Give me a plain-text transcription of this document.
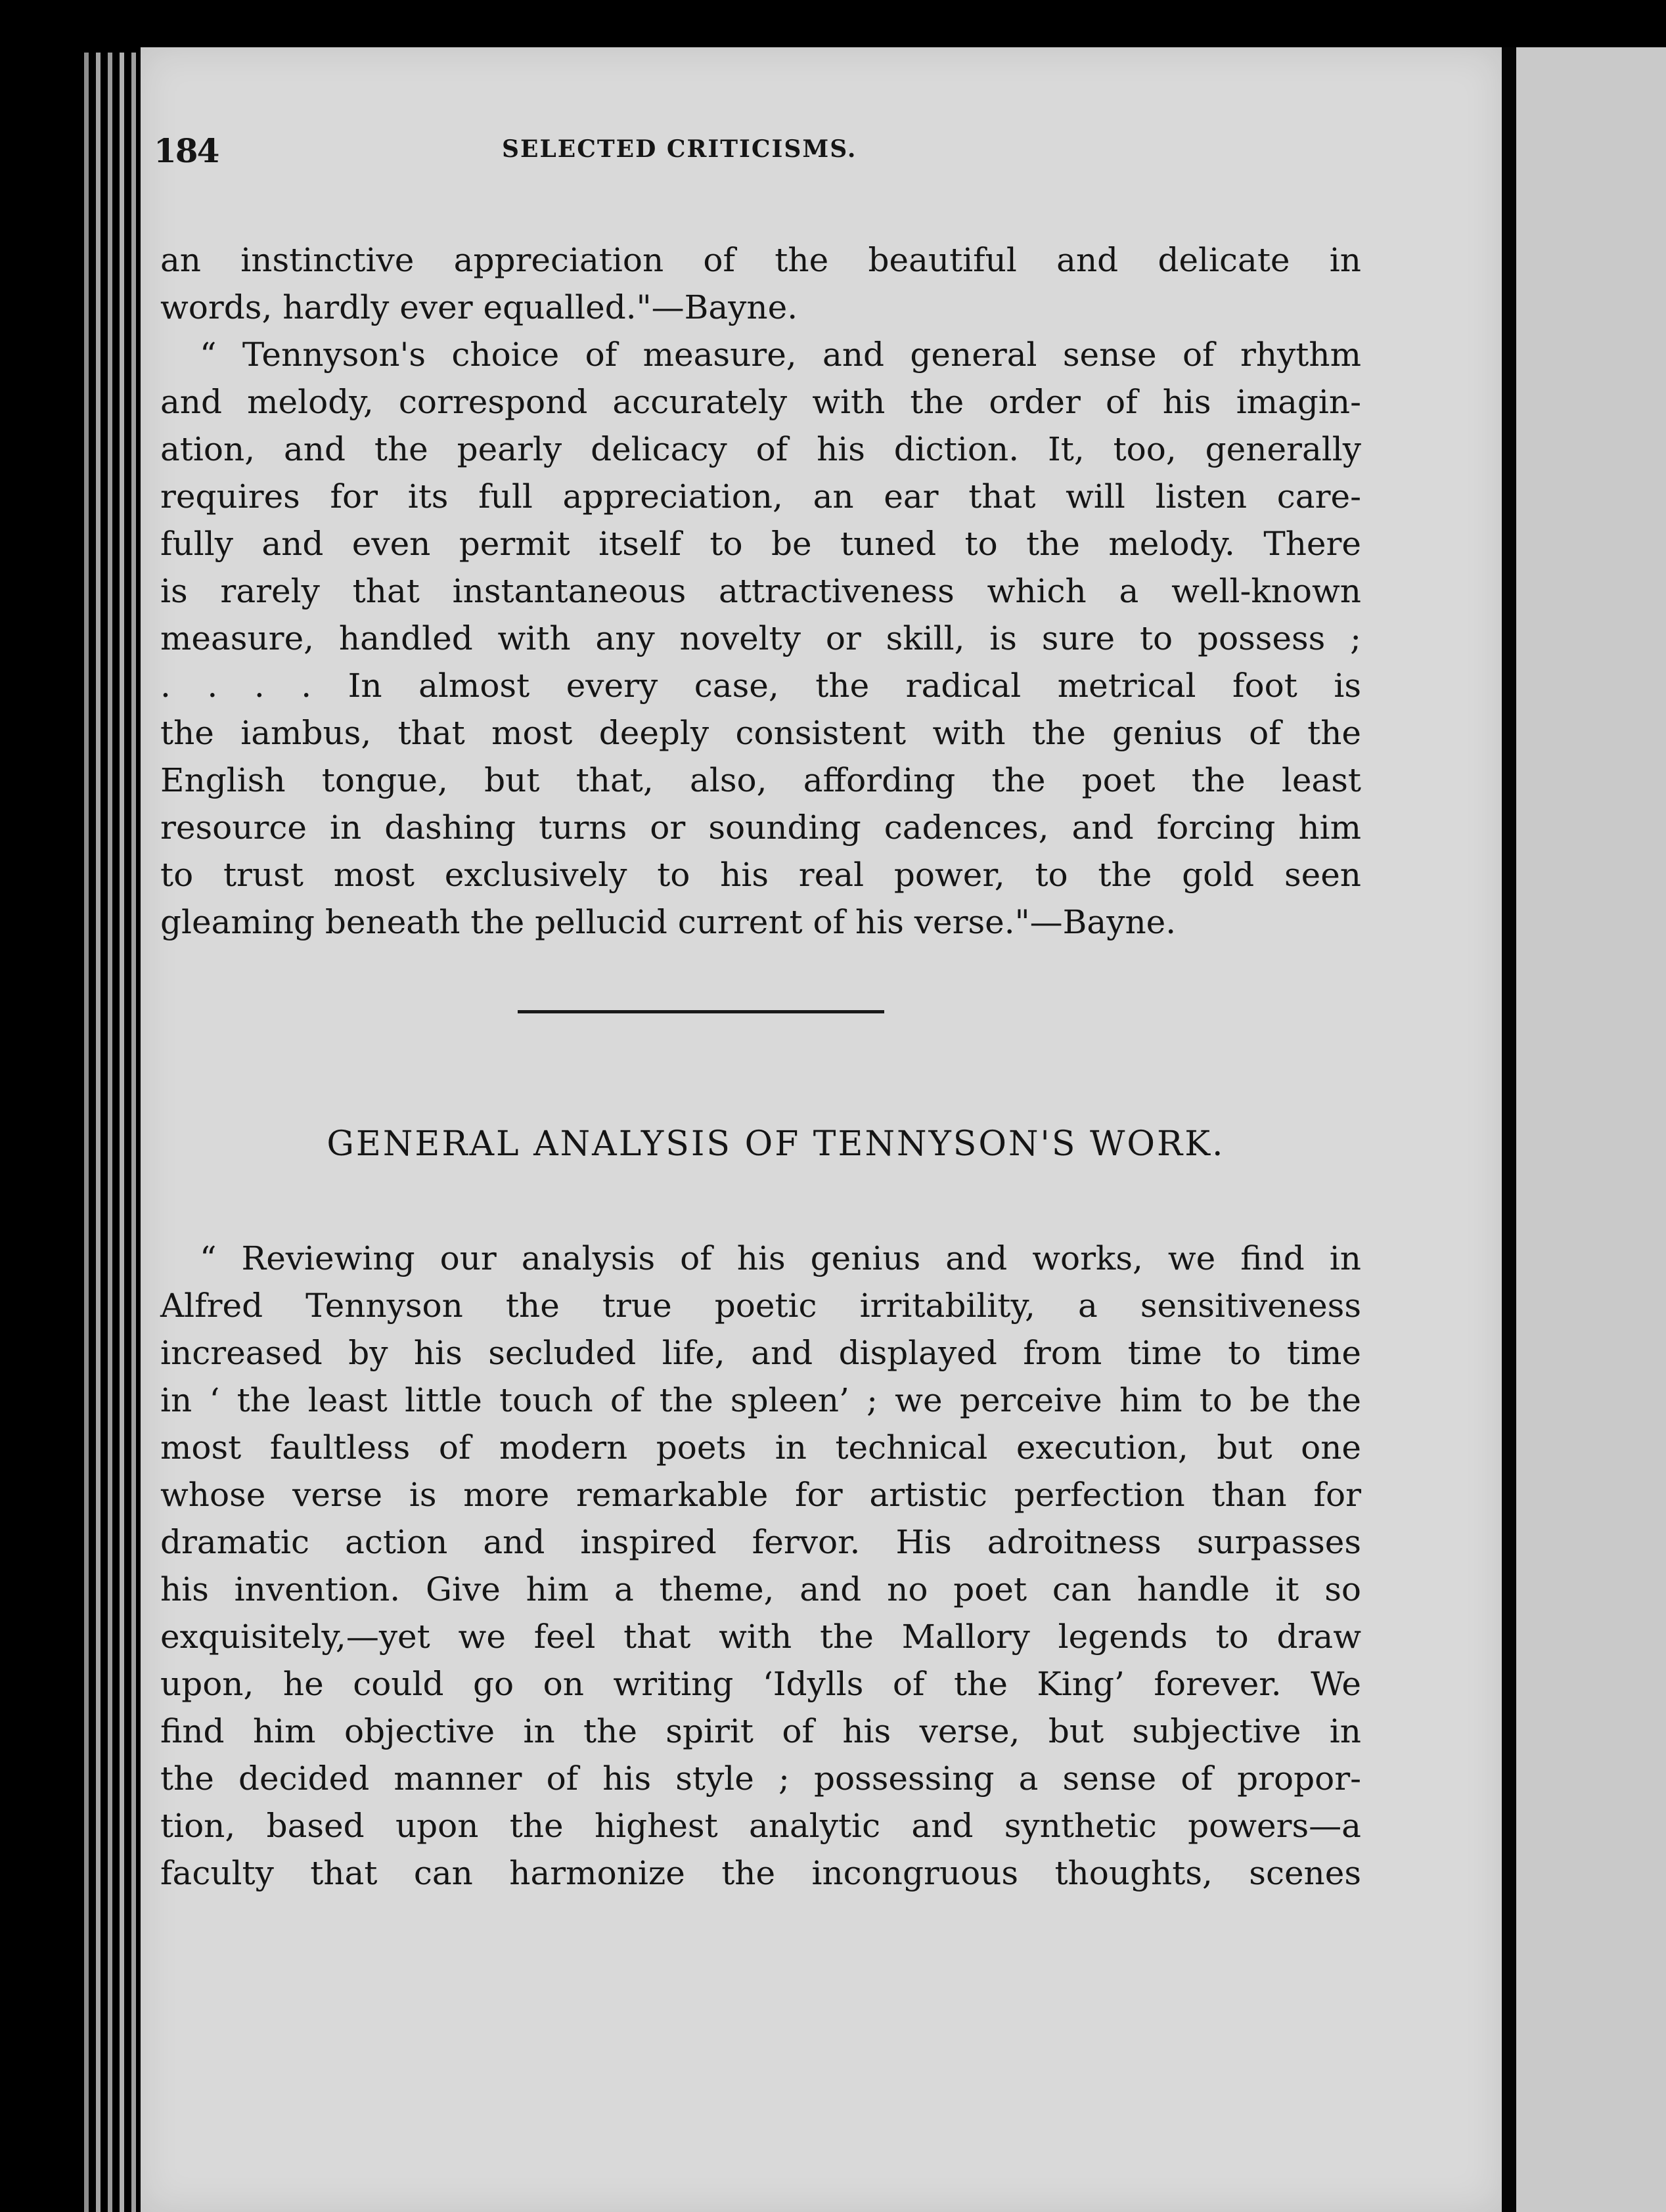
184	SELECTED CRITICISMS.
an instinctive appreciation of the beautiful and delicate in
words, hardly ever equalled."—Bayne.
“ Tennyson's choice of measure, and general sense of rhythm
and melody, correspond accurately with the order of his imagin-
ation, and the pearly delicacy of his diction. It, too, generally
requires for its full appreciation, an ear that will listen care-
fully and even permit itself to be tuned to the melody. There
is rarely that instantaneous attractiveness which a well-known
measure, handled with any novelty or skill, is sure to possess ;
. . . . In almost every case, the radical metrical foot is
the iambus, that most deeply consistent with the genius of the
English tongue, but that, also, affording the poet the least
resource in dashing turns or sounding cadences, and forcing him
to trust most exclusively to his real power, to the gold seen
gleaming beneath the pellucid current of his verse."—Bayne.
GENERAL ANALYSIS OF TENNYSON'S WORK.
“ Reviewing our analysis of his genius and works, we find in
Alfred Tennyson the true poetic irritability, a sensitiveness
increased by his secluded life, and displayed from time to time
in ‘ the least little touch of the spleen’ ; we perceive him to be the
most faultless of modern poets in technical execution, but one
whose verse is more remarkable for artistic perfection than for
dramatic action and inspired fervor. His adroitness surpasses
his invention. Give him a theme, and no poet can handle it so
exquisitely,—yet we feel that with the Mallory legends to draw
upon, he could go on writing ‘Idylls of the King’ forever. We
find him objective in the spirit of his verse, but subjective in
the decided manner of his style ; possessing a sense of propor-
tion, based upon the highest analytic and synthetic powers—a
faculty that can harmonize the incongruous thoughts, scenes
